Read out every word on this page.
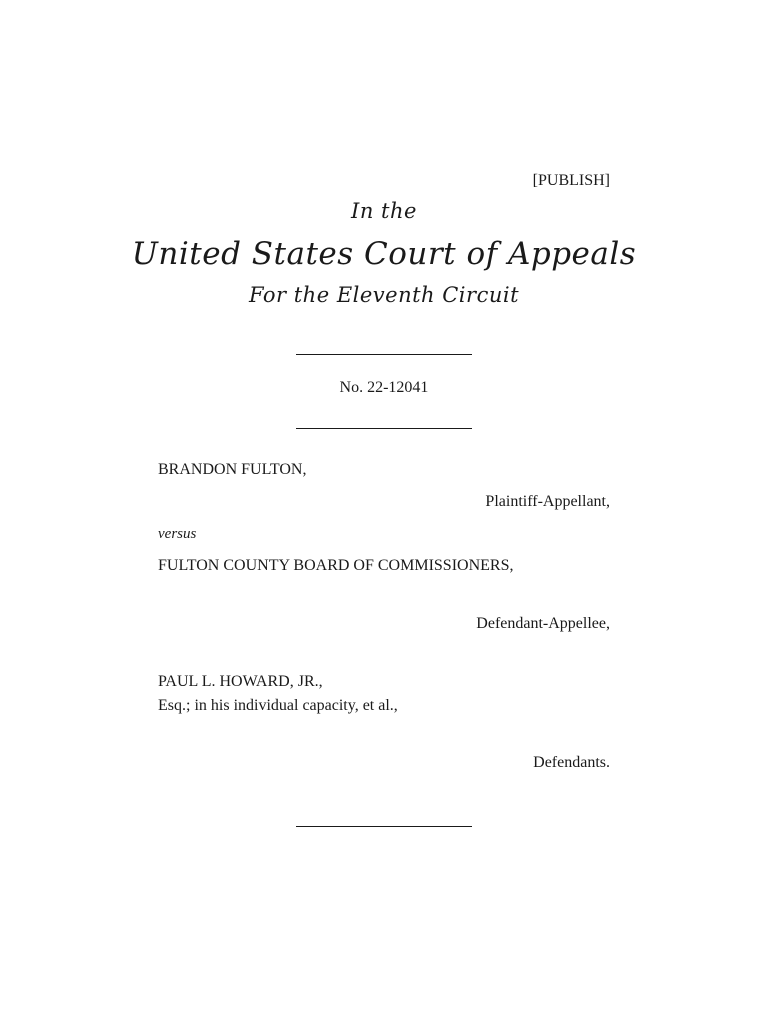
[PUBLISH]
In the
United States Court of Appeals
For the Eleventh Circuit
No. 22-12041
BRANDON FULTON,
Plaintiff-Appellant,
versus
FULTON COUNTY BOARD OF COMMISSIONERS,
Defendant-Appellee,
PAUL L. HOWARD, JR.,
Esq.; in his individual capacity, et al.,
Defendants.
